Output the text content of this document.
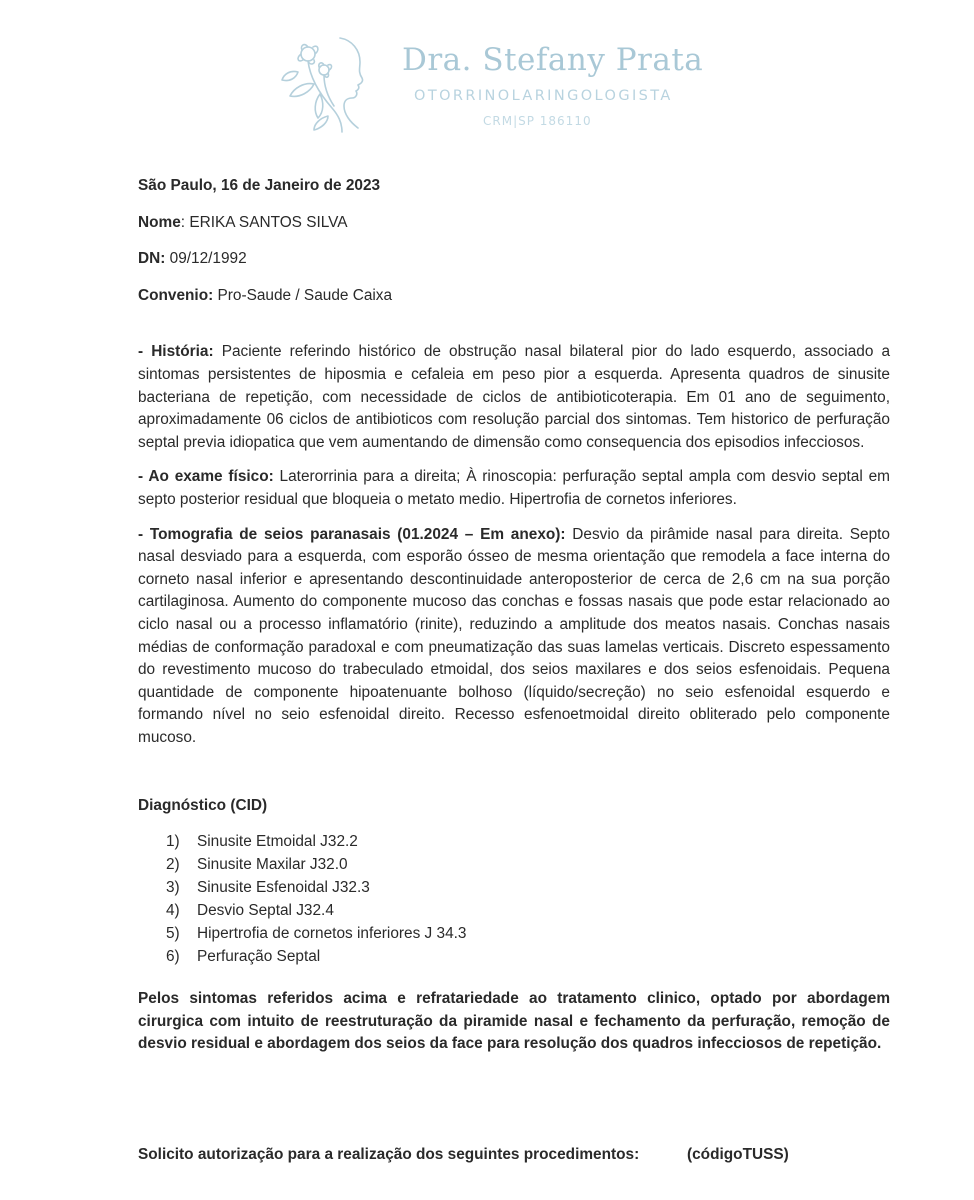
Dra. Stefany Prata
OTORRINOLARINGOLOGISTA
CRM|SP 186110

São Paulo, 16 de Janeiro de 2023

Nome: ERIKA SANTOS SILVA

DN: 09/12/1992

Convenio: Pro-Saude / Saude Caixa

- História: Paciente referindo histórico de obstrução nasal bilateral pior do lado esquerdo, associado a sintomas persistentes de hiposmia e cefaleia em peso pior a esquerda. Apresenta quadros de sinusite bacteriana de repetição, com necessidade de ciclos de antibioticoterapia. Em 01 ano de seguimento, aproximadamente 06 ciclos de antibioticos com resolução parcial dos sintomas. Tem historico de perfuração septal previa idiopatica que vem aumentando de dimensão como consequencia dos episodios infecciosos.

- Ao exame físico: Laterorrinia para a direita; À rinoscopia: perfuração septal ampla com desvio septal em septo posterior residual que bloqueia o metato medio. Hipertrofia de cornetos inferiores.

- Tomografia de seios paranasais (01.2024 – Em anexo): Desvio da pirâmide nasal para direita. Septo nasal desviado para a esquerda, com esporão ósseo de mesma orientação que remodela a face interna do corneto nasal inferior e apresentando descontinuidade anteroposterior de cerca de 2,6 cm na sua porção cartilaginosa. Aumento do componente mucoso das conchas e fossas nasais que pode estar relacionado ao ciclo nasal ou a processo inflamatório (rinite), reduzindo a amplitude dos meatos nasais. Conchas nasais médias de conformação paradoxal e com pneumatização das suas lamelas verticais. Discreto espessamento do revestimento mucoso do trabeculado etmoidal, dos seios maxilares e dos seios esfenoidais. Pequena quantidade de componente hipoatenuante bolhoso (líquido/secreção) no seio esfenoidal esquerdo e formando nível no seio esfenoidal direito. Recesso esfenoetmoidal direito obliterado pelo componente mucoso.

Diagnóstico (CID)

1)	Sinusite Etmoidal J32.2
2)	Sinusite Maxilar J32.0
3)	Sinusite Esfenoidal J32.3
4)	Desvio Septal J32.4
5)	Hipertrofia de cornetos inferiores J 34.3
6)	Perfuração Septal

Pelos sintomas referidos acima e refratariedade ao tratamento clinico, optado por abordagem cirurgica com intuito de reestruturação da piramide nasal e fechamento da perfuração, remoção de desvio residual e abordagem dos seios da face para resolução dos quadros infecciosos de repetição.

Solicito autorização para a realização dos seguintes procedimentos:	(códigoTUSS)
